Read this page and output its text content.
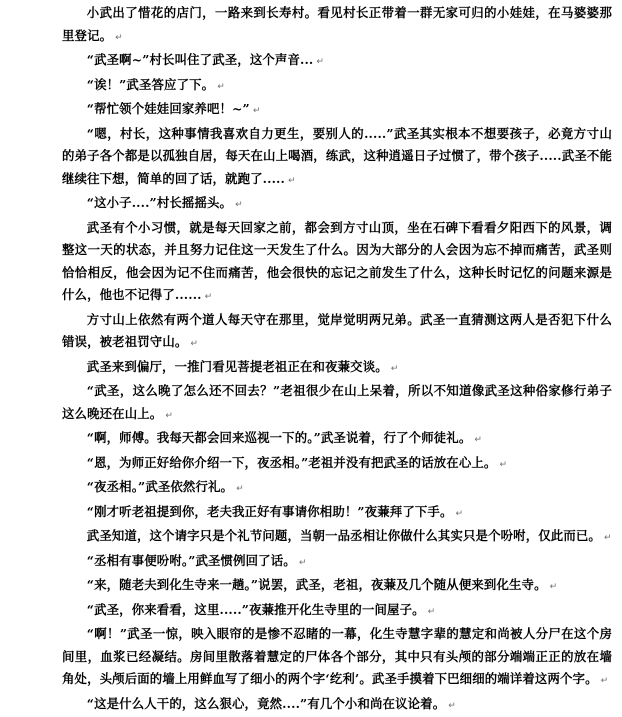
小武出了惜花的店门，一路来到长寿村。看见村长正带着一群无家可归的小娃娃，在马婆婆那里登记。 ↵

“武圣啊~”村长叫住了武圣，这个声音... ↵

“诶！”武圣答应了下。 ↵

“帮忙领个娃娃回家养吧！~” ↵

“嗯，村长，这种事情我喜欢自力更生，要别人的.....”武圣其实根本不想要孩子，必竟方寸山的弟子各个都是以孤独自居，每天在山上喝酒，练武，这种逍遥日子过惯了，带个孩子.....武圣不能继续往下想，简单的回了话，就跑了..... ↵

“这小子....”村长摇摇头。 ↵

武圣有个小习惯，就是每天回家之前，都会到方寸山顶，坐在石碑下看看夕阳西下的风景，调整这一天的状态，并且努力记住这一天发生了什么。因为大部分的人会因为忘不掉而痛苦，武圣则恰恰相反，他会因为记不住而痛苦，他会很快的忘记之前发生了什么，这种长时记忆的问题来源是什么，他也不记得了...... ↵

方寸山上依然有两个道人每天守在那里，觉岸觉明两兄弟。武圣一直猜测这两人是否犯下什么错误，被老祖罚守山。 ↵

武圣来到偏厅，一推门看见菩提老祖正在和夜蒹交谈。 ↵

“武圣，这么晚了怎么还不回去？”老祖很少在山上呆着，所以不知道像武圣这种俗家修行弟子这么晚还在山上。 ↵

“啊，师傅。我每天都会回来巡视一下的。”武圣说着，行了个师徒礼。 ↵

“恩，为师正好给你介绍一下，夜丞相。”老祖并没有把武圣的话放在心上。 ↵

“夜丞相。”武圣依然行礼。 ↵

“刚才听老祖提到你，老夫我正好有事请你相助！”夜蒹拜了下手。 ↵

武圣知道，这个请字只是个礼节问题，当朝一品丞相让你做什么其实只是个吩咐，仅此而已。 ↵

“丞相有事便吩咐。”武圣惯例回了话。 ↵

“来，随老夫到化生寺来一趟。”说罢，武圣，老祖，夜蒹及几个随从便来到化生寺。 ↵

“武圣，你来看看，这里.....”夜蒹推开化生寺里的一间屋子。 ↵

“啊！”武圣一惊，映入眼帘的是惨不忍睹的一幕，化生寺慧字辈的慧定和尚被人分尸在这个房间里，血浆已经凝结。房间里散落着慧定的尸体各个部分，其中只有头颅的部分端端正正的放在墙角处，头颅后面的墙上用鲜血写了细小的两个字‘纥利’。武圣手摸着下巴细细的端详着这两个字。 ↵

“这是什么人干的，这么狠心，竟然....”有几个小和尚在议论着。 ↵
